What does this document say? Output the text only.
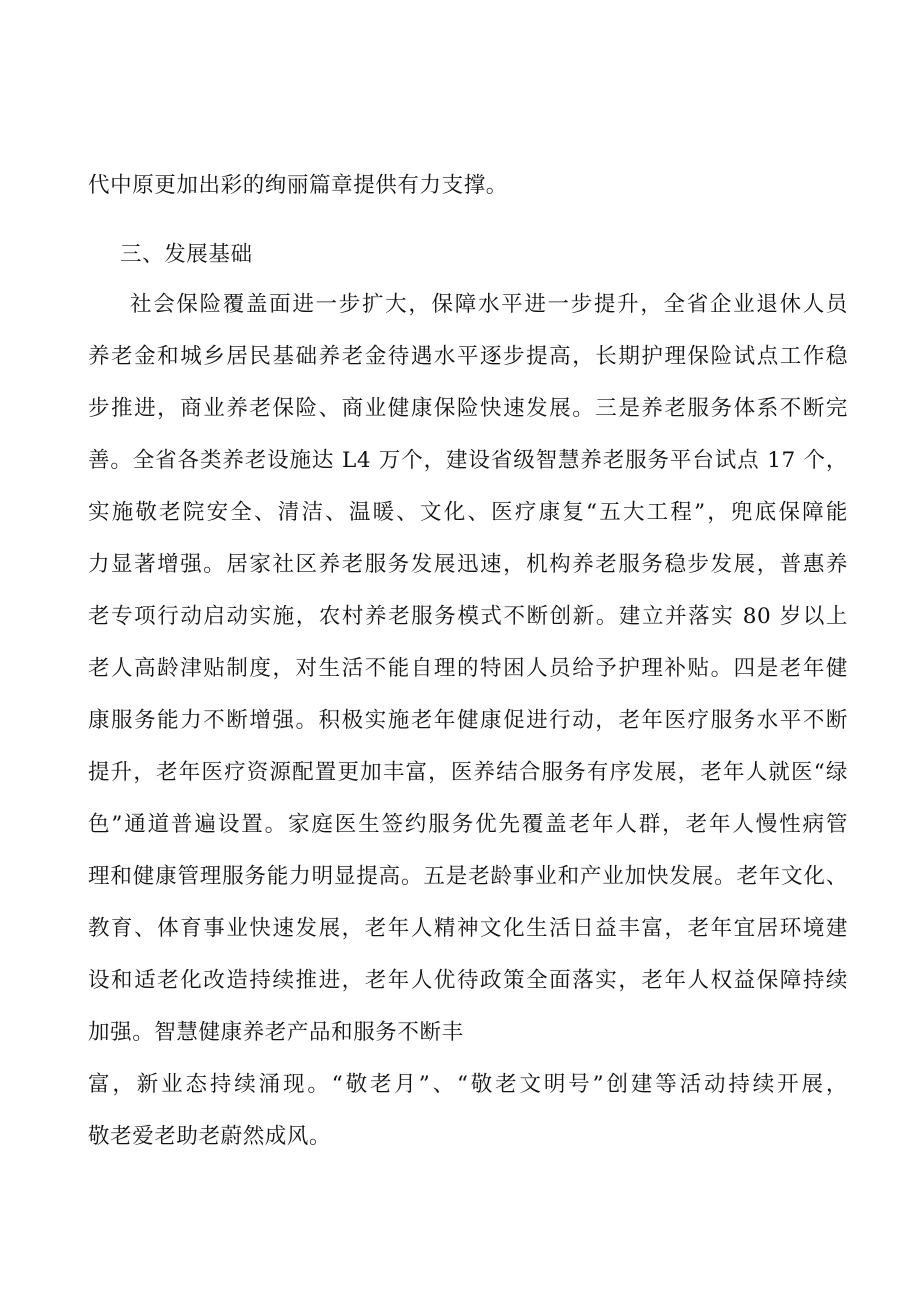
代中原更加出彩的绚丽篇章提供有力支撑。
三、发展基础
社会保险覆盖面进一步扩大，保障水平进一步提升，全省企业退休人员
养老金和城乡居民基础养老金待遇水平逐步提高，长期护理保险试点工作稳
步推进，商业养老保险、商业健康保险快速发展。三是养老服务体系不断完
善。全省各类养老设施达 L4 万个，建设省级智慧养老服务平台试点 17 个，
实施敬老院安全、清洁、温暖、文化、医疗康复“五大工程”，兜底保障能
力显著增强。居家社区养老服务发展迅速，机构养老服务稳步发展，普惠养
老专项行动启动实施，农村养老服务模式不断创新。建立并落实 80 岁以上
老人高龄津贴制度，对生活不能自理的特困人员给予护理补贴。四是老年健
康服务能力不断增强。积极实施老年健康促进行动，老年医疗服务水平不断
提升，老年医疗资源配置更加丰富，医养结合服务有序发展，老年人就医“绿
色”通道普遍设置。家庭医生签约服务优先覆盖老年人群，老年人慢性病管
理和健康管理服务能力明显提高。五是老龄事业和产业加快发展。老年文化、
教育、体育事业快速发展，老年人精神文化生活日益丰富，老年宜居环境建
设和适老化改造持续推进，老年人优待政策全面落实，老年人权益保障持续
加强。智慧健康养老产品和服务不断丰
富，新业态持续涌现。“敬老月”、“敬老文明号”创建等活动持续开展，
敬老爱老助老蔚然成风。
